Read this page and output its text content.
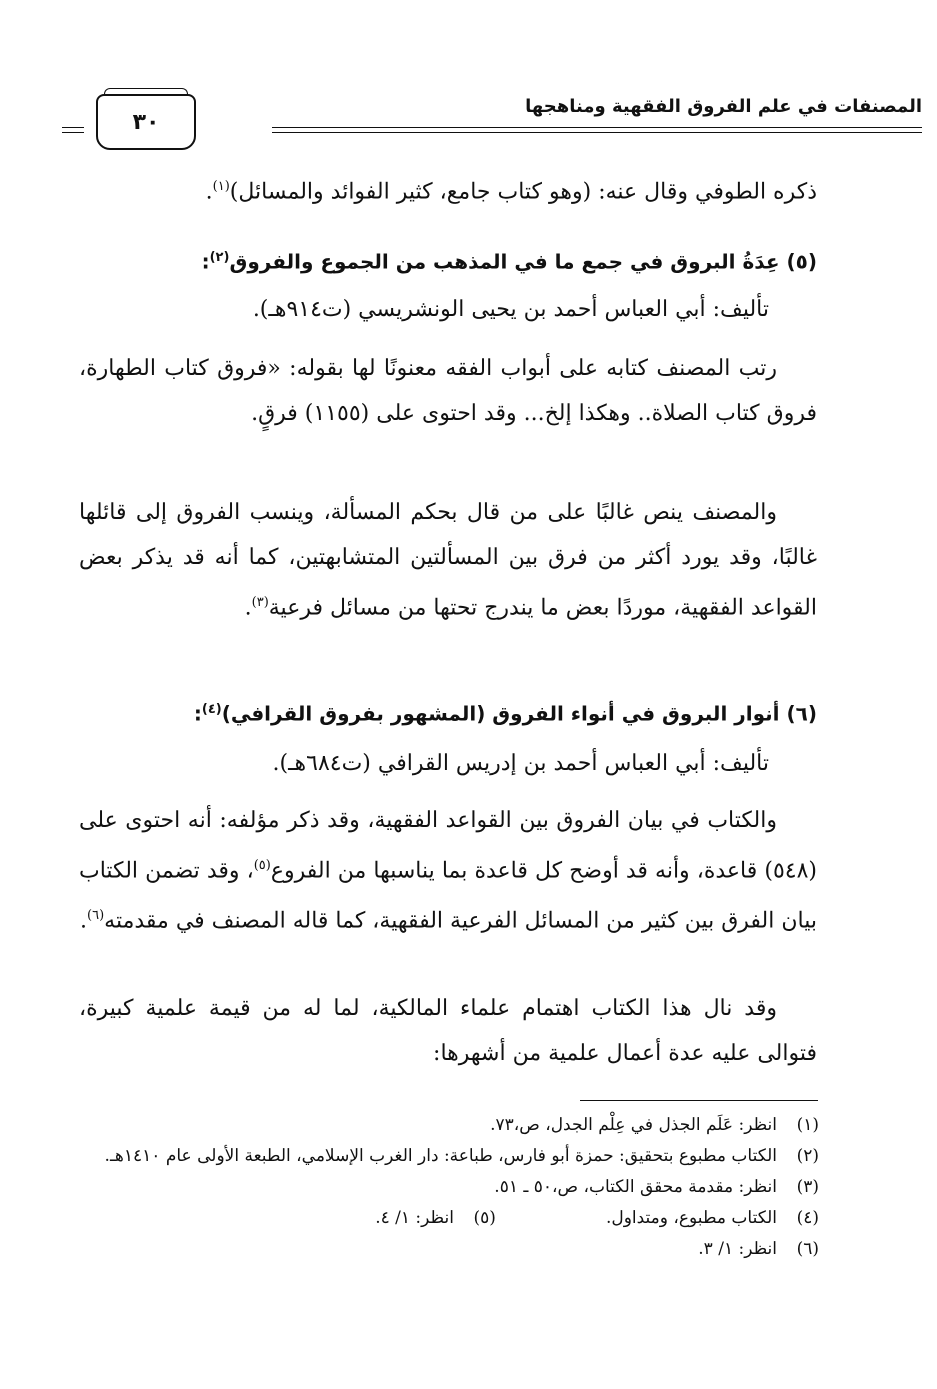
المصنفات في علم الفروق الفقهية ومناهجها
٣٠
ذكره الطوفي وقال عنه: (وهو كتاب جامع، كثير الفوائد والمسائل)$^{(١)}$.
(٥) عِدَةُ البروق في جمع ما في المذهب من الجموع والفروق$^{(٢)}$:
تأليف: أبي العباس أحمد بن يحيى الونشريسي (ت٩١٤هـ).
رتب المصنف كتابه على أبواب الفقه معنونًا لها بقوله: «فروق كتاب الطهارة، فروق كتاب الصلاة.. وهكذا إلخ... وقد احتوى على (١١٥٥) فرقٍ.
والمصنف ينص غالبًا على من قال بحكم المسألة، وينسب الفروق إلى قائلها غالبًا، وقد يورد أكثر من فرق بين المسألتين المتشابهتين، كما أنه قد يذكر بعض القواعد الفقهية، موردًا بعض ما يندرج تحتها من مسائل فرعية$^{(٣)}$.
(٦) أنوار البروق في أنواء الفروق (المشهور بفروق القرافي)$^{(٤)}$:
تأليف: أبي العباس أحمد بن إدريس القرافي (ت٦٨٤هـ).
والكتاب في بيان الفروق بين القواعد الفقهية، وقد ذكر مؤلفه: أنه احتوى على (٥٤٨) قاعدة، وأنه قد أوضح كل قاعدة بما يناسبها من الفروع$^{(٥)}$، وقد تضمن الكتاب بيان الفرق بين كثير من المسائل الفرعية الفقهية، كما قاله المصنف في مقدمته$^{(٦)}$.
وقد نال هذا الكتاب اهتمام علماء المالكية، لما له من قيمة علمية كبيرة، فتوالى عليه عدة أعمال علمية من أشهرها:
(١)
انظر: عَلَم الجذل في عِلْم الجدل، ص،٧٣.
(٢)
الكتاب مطبوع بتحقيق: حمزة أبو فارس، طباعة: دار الغرب الإسلامي، الطبعة الأولى عام ١٤١٠هـ.
(٣)
انظر: مقدمة محقق الكتاب، ص،٥٠ ـ ٥١.
(٤)
الكتاب مطبوع، ومتداول.
(٥)
انظر: ١/ ٤.
(٦)
انظر: ١/ ٣.
